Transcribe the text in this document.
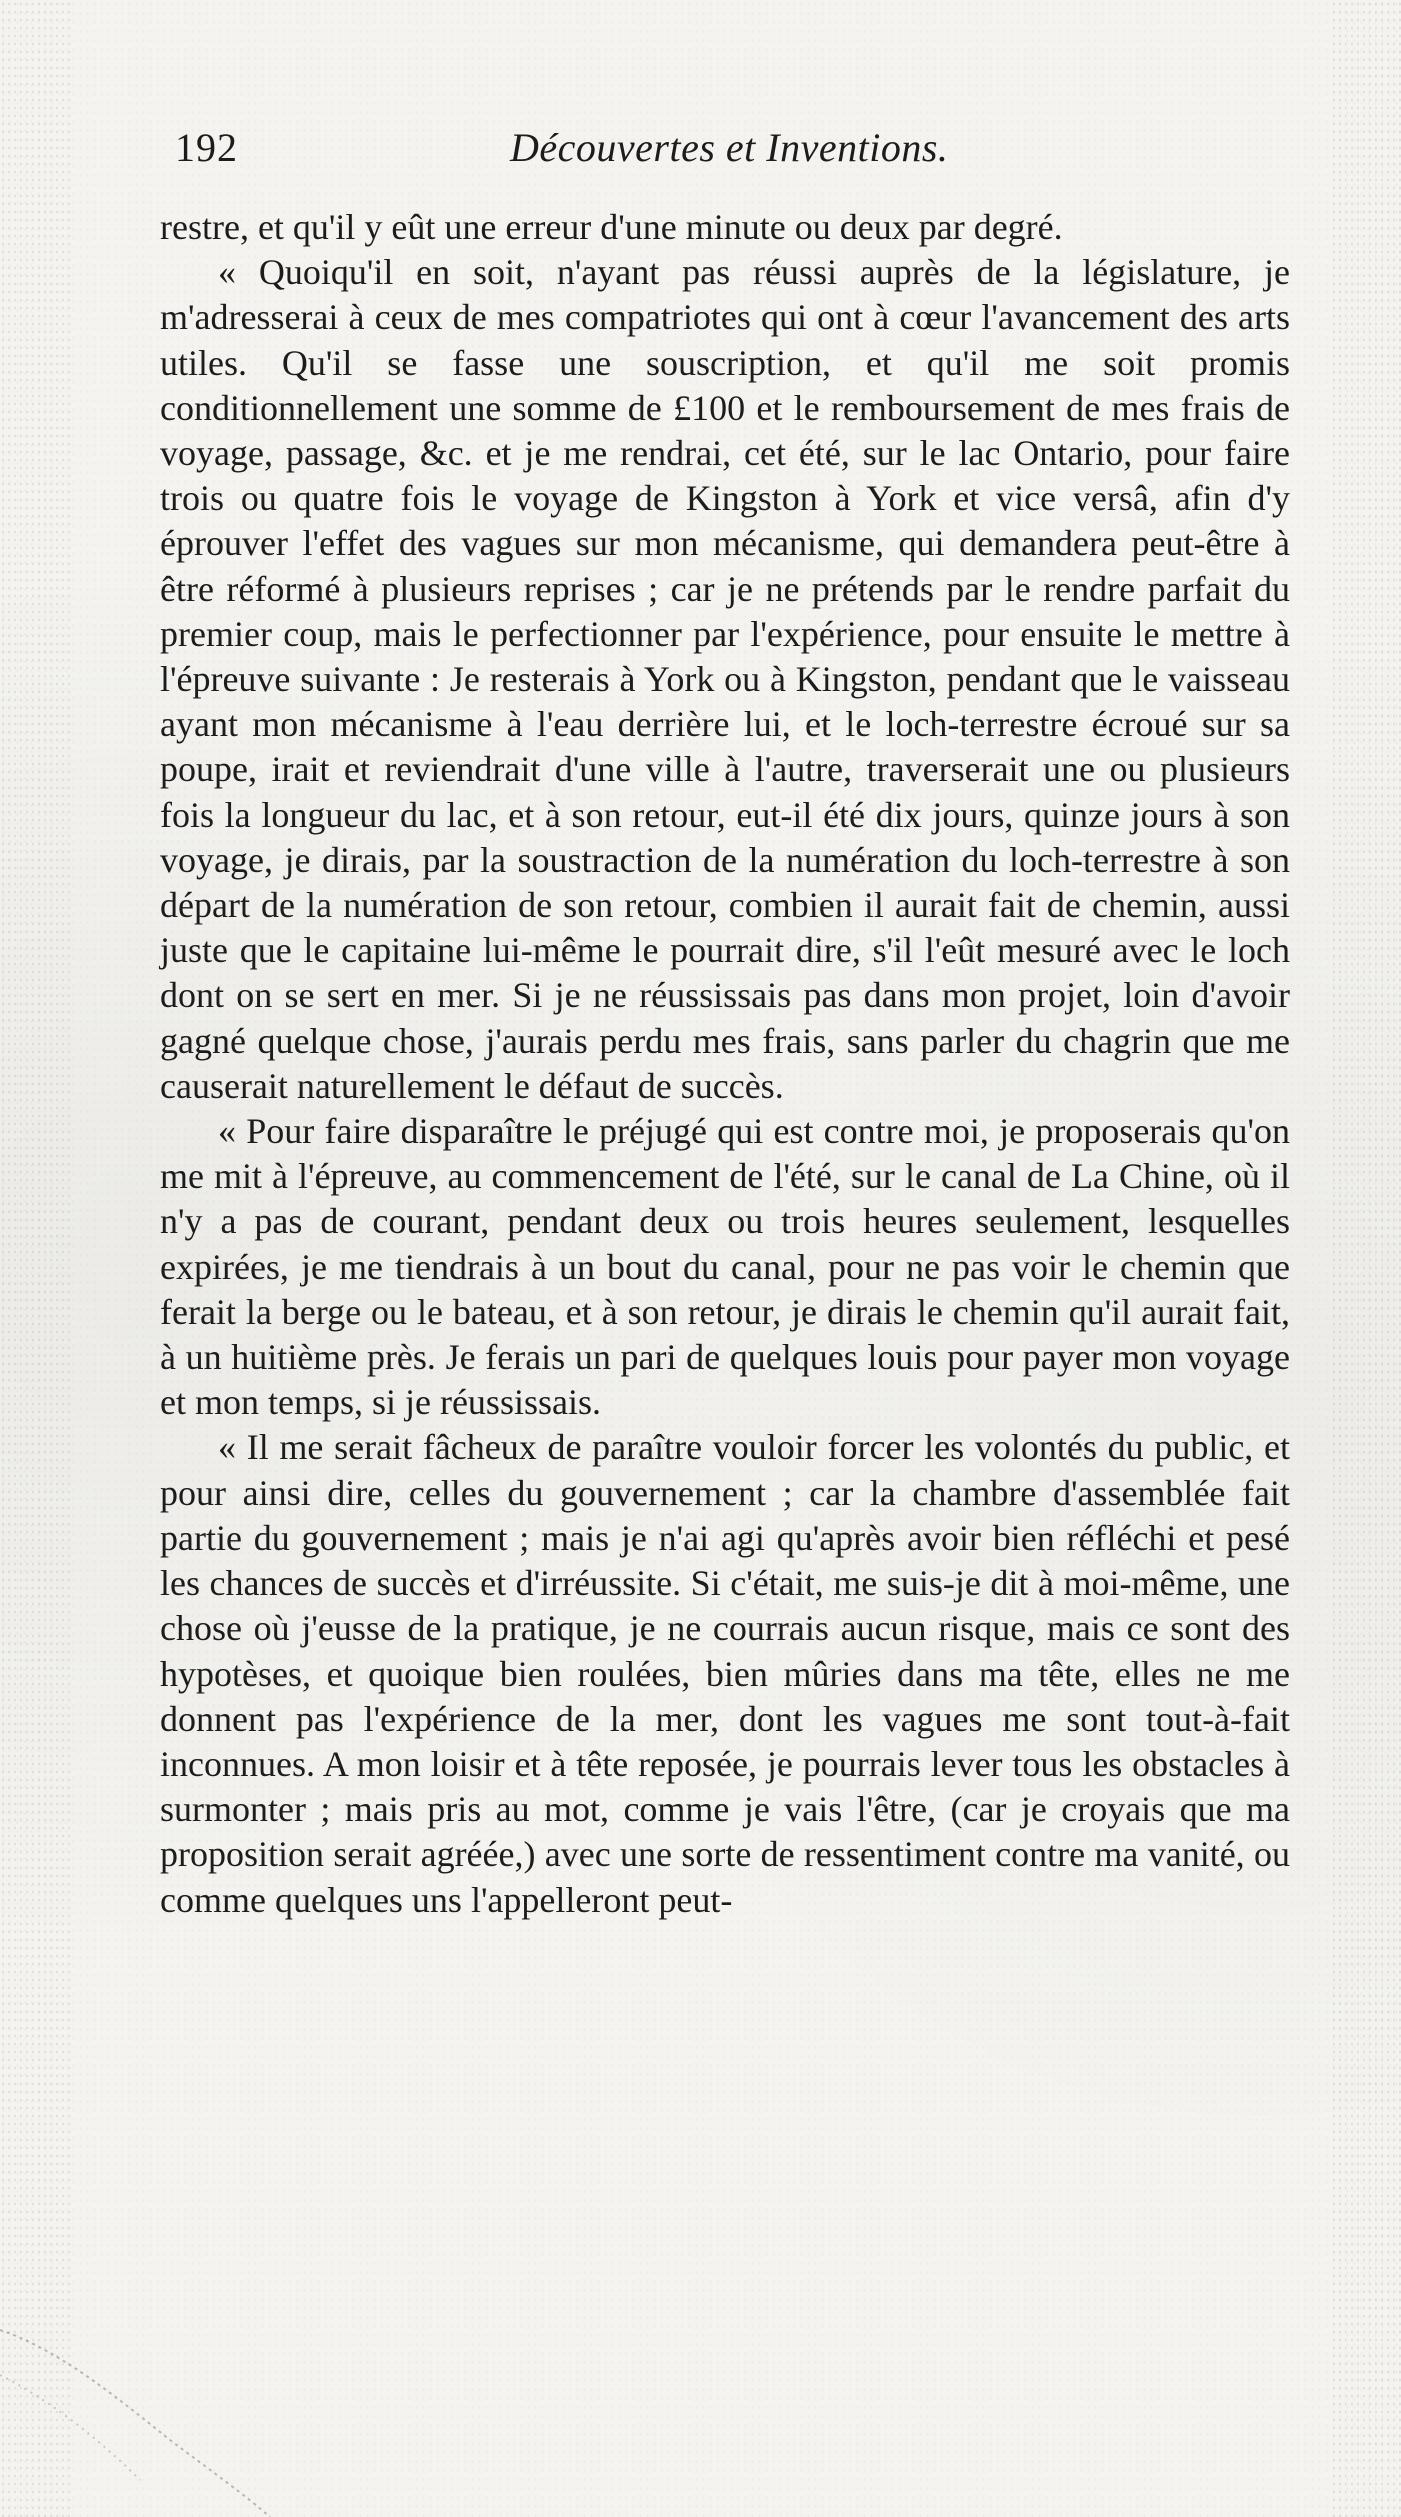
192	Découvertes et Inventions.

restre, et qu'il y eût une erreur d'une minute ou deux par degré.

« Quoiqu'il en soit, n'ayant pas réussi auprès de la législature, je m'adresserai à ceux de mes compatriotes qui ont à cœur l'avancement des arts utiles. Qu'il se fasse une souscription, et qu'il me soit promis conditionnellement une somme de £100 et le remboursement de mes frais de voyage, passage, &c. et je me rendrai, cet été, sur le lac Ontario, pour faire trois ou quatre fois le voyage de Kingston à York et vice versâ, afin d'y éprouver l'effet des vagues sur mon mécanisme, qui demandera peut-être à être réformé à plusieurs reprises ; car je ne prétends par le rendre parfait du premier coup, mais le perfectionner par l'expérience, pour ensuite le mettre à l'épreuve suivante : Je resterais à York ou à Kingston, pendant que le vaisseau ayant mon mécanisme à l'eau derrière lui, et le loch-terrestre écroué sur sa poupe, irait et reviendrait d'une ville à l'autre, traverserait une ou plusieurs fois la longueur du lac, et à son retour, eut-il été dix jours, quinze jours à son voyage, je dirais, par la soustraction de la numération du loch-terrestre à son départ de la numération de son retour, combien il aurait fait de chemin, aussi juste que le capitaine lui-même le pourrait dire, s'il l'eût mesuré avec le loch dont on se sert en mer. Si je ne réussissais pas dans mon projet, loin d'avoir gagné quelque chose, j'aurais perdu mes frais, sans parler du chagrin que me causerait naturellement le défaut de succès.

« Pour faire disparaître le préjugé qui est contre moi, je proposerais qu'on me mit à l'épreuve, au commencement de l'été, sur le canal de La Chine, où il n'y a pas de courant, pendant deux ou trois heures seulement, lesquelles expirées, je me tiendrais à un bout du canal, pour ne pas voir le chemin que ferait la berge ou le bateau, et à son retour, je dirais le chemin qu'il aurait fait, à un huitième près. Je ferais un pari de quelques louis pour payer mon voyage et mon temps, si je réussissais.

« Il me serait fâcheux de paraître vouloir forcer les volontés du public, et pour ainsi dire, celles du gouvernement ; car la chambre d'assemblée fait partie du gouvernement ; mais je n'ai agi qu'après avoir bien réfléchi et pesé les chances de succès et d'irréussite. Si c'était, me suis-je dit à moi-même, une chose où j'eusse de la pratique, je ne courrais aucun risque, mais ce sont des hypotèses, et quoique bien roulées, bien mûries dans ma tête, elles ne me donnent pas l'expérience de la mer, dont les vagues me sont tout-à-fait inconnues. A mon loisir et à tête reposée, je pourrais lever tous les obstacles à surmonter ; mais pris au mot, comme je vais l'être, (car je croyais que ma proposition serait agréée,) avec une sorte de ressentiment contre ma vanité, ou comme quelques uns l'appelleront peut-
